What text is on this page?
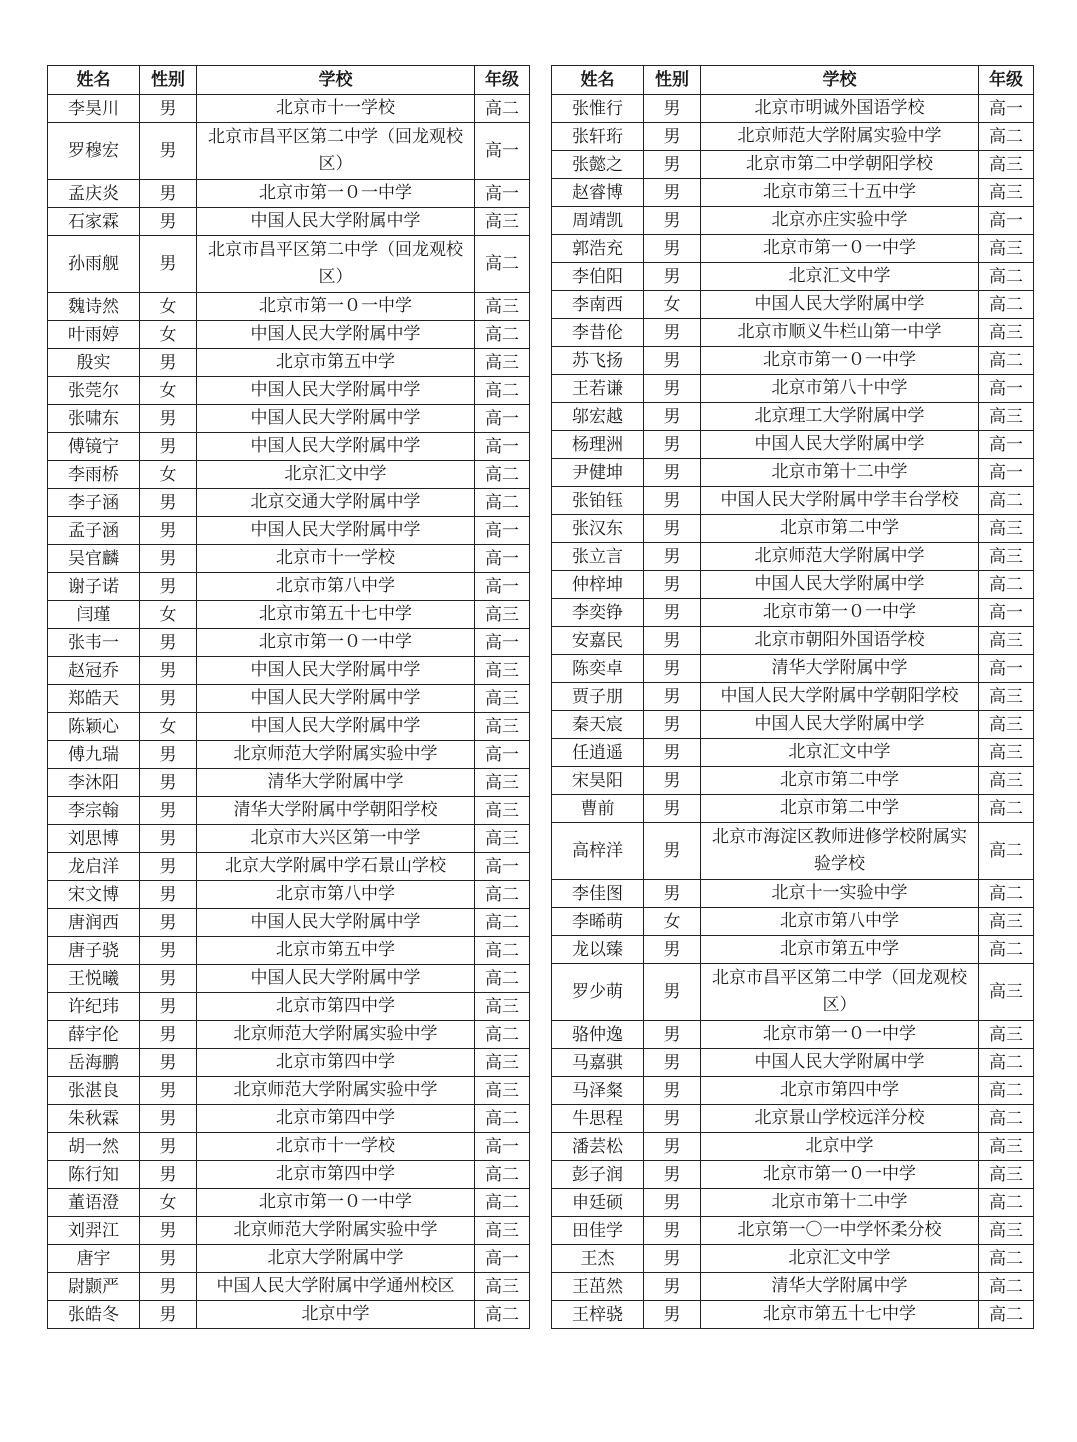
姓名	性别	学校	年级
李昊川	男	北京市十一学校	高二
罗穆宏	男	北京市昌平区第二中学（回龙观校区）	高一
孟庆炎	男	北京市第一０一中学	高一
石家霖	男	中国人民大学附属中学	高三
孙雨舰	男	北京市昌平区第二中学（回龙观校区）	高二
魏诗然	女	北京市第一０一中学	高三
叶雨婷	女	中国人民大学附属中学	高二
殷实	男	北京市第五中学	高三
张莞尔	女	中国人民大学附属中学	高二
张啸东	男	中国人民大学附属中学	高一
傅镜宁	男	中国人民大学附属中学	高一
李雨桥	女	北京汇文中学	高二
李子涵	男	北京交通大学附属中学	高二
孟子涵	男	中国人民大学附属中学	高一
吴官麟	男	北京市十一学校	高一
谢子诺	男	北京市第八中学	高一
闫瑾	女	北京市第五十七中学	高三
张韦一	男	北京市第一０一中学	高一
赵冠乔	男	中国人民大学附属中学	高三
郑皓天	男	中国人民大学附属中学	高三
陈颖心	女	中国人民大学附属中学	高三
傅九瑞	男	北京师范大学附属实验中学	高一
李沐阳	男	清华大学附属中学	高三
李宗翰	男	清华大学附属中学朝阳学校	高三
刘思博	男	北京市大兴区第一中学	高三
龙启洋	男	北京大学附属中学石景山学校	高一
宋文博	男	北京市第八中学	高二
唐润西	男	中国人民大学附属中学	高二
唐子骁	男	北京市第五中学	高二
王悦曦	男	中国人民大学附属中学	高二
许纪玮	男	北京市第四中学	高三
薛宇伦	男	北京师范大学附属实验中学	高二
岳海鹏	男	北京市第四中学	高三
张湛良	男	北京师范大学附属实验中学	高三
朱秋霖	男	北京市第四中学	高二
胡一然	男	北京市十一学校	高一
陈行知	男	北京市第四中学	高二
董语澄	女	北京市第一０一中学	高二
刘羿江	男	北京师范大学附属实验中学	高三
唐宇	男	北京大学附属中学	高一
尉颢严	男	中国人民大学附属中学通州校区	高三
张皓冬	男	北京中学	高二
姓名	性别	学校	年级
张惟行	男	北京市明诚外国语学校	高一
张轩珩	男	北京师范大学附属实验中学	高二
张懿之	男	北京市第二中学朝阳学校	高三
赵睿博	男	北京市第三十五中学	高三
周靖凯	男	北京亦庄实验中学	高一
郭浩充	男	北京市第一０一中学	高三
李伯阳	男	北京汇文中学	高二
李南西	女	中国人民大学附属中学	高二
李昔伦	男	北京市顺义牛栏山第一中学	高三
苏飞扬	男	北京市第一０一中学	高二
王若谦	男	北京市第八十中学	高一
邬宏越	男	北京理工大学附属中学	高三
杨理洲	男	中国人民大学附属中学	高一
尹健坤	男	北京市第十二中学	高一
张铂钰	男	中国人民大学附属中学丰台学校	高二
张汉东	男	北京市第二中学	高三
张立言	男	北京师范大学附属中学	高三
仲梓坤	男	中国人民大学附属中学	高二
李奕铮	男	北京市第一０一中学	高一
安嘉民	男	北京市朝阳外国语学校	高三
陈奕卓	男	清华大学附属中学	高一
贾子朋	男	中国人民大学附属中学朝阳学校	高三
秦天宸	男	中国人民大学附属中学	高三
任逍遥	男	北京汇文中学	高三
宋昊阳	男	北京市第二中学	高三
曹前	男	北京市第二中学	高二
高梓洋	男	北京市海淀区教师进修学校附属实验学校	高二
李佳图	男	北京十一实验中学	高二
李晞萌	女	北京市第八中学	高三
龙以臻	男	北京市第五中学	高二
罗少萌	男	北京市昌平区第二中学（回龙观校区）	高三
骆仲逸	男	北京市第一０一中学	高三
马嘉骐	男	中国人民大学附属中学	高二
马泽粲	男	北京市第四中学	高二
牛思程	男	北京景山学校远洋分校	高二
潘芸松	男	北京中学	高三
彭子润	男	北京市第一０一中学	高三
申廷硕	男	北京市第十二中学	高二
田佳学	男	北京第一〇一中学怀柔分校	高三
王杰	男	北京汇文中学	高二
王茁然	男	清华大学附属中学	高二
王梓骁	男	北京市第五十七中学	高二
